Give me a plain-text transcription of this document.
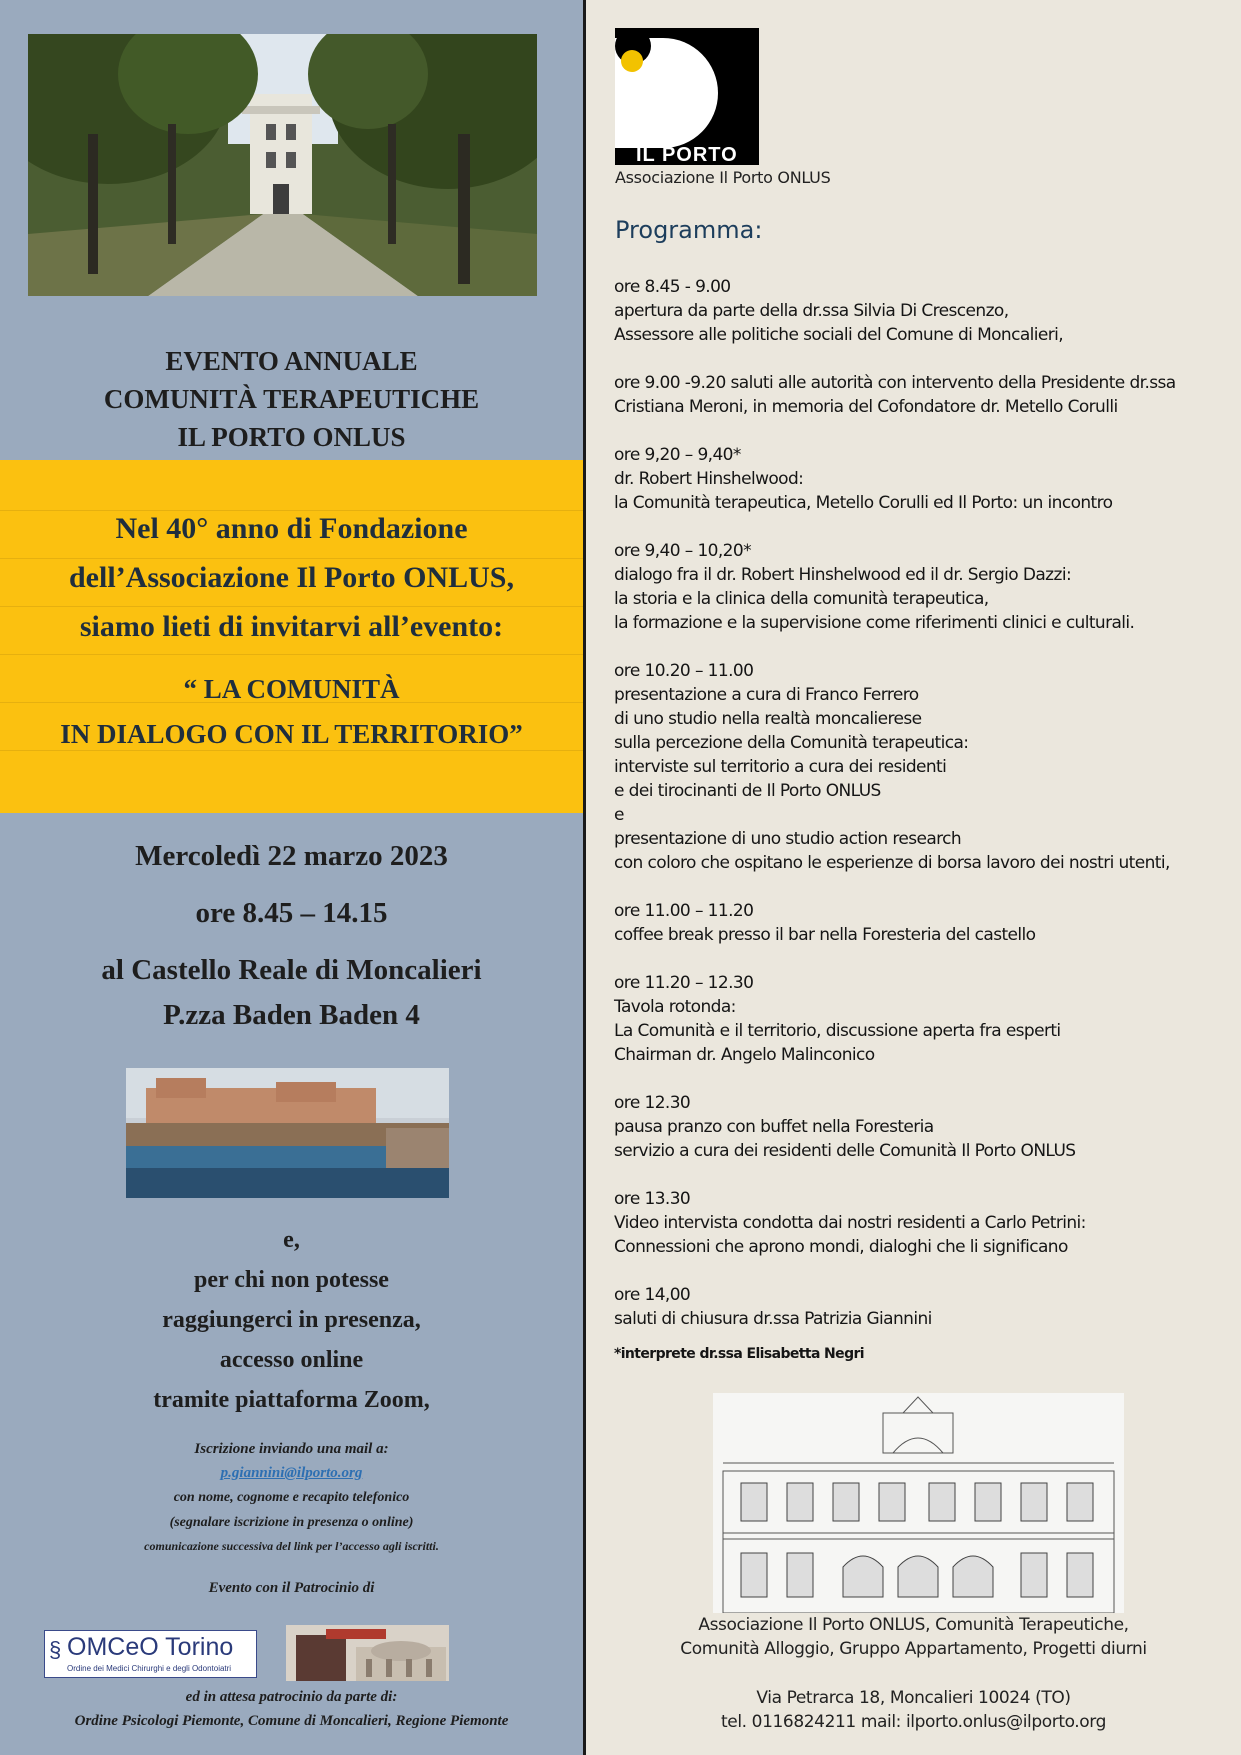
EVENTO ANNUALE
COMUNITÀ TERAPEUTICHE
IL PORTO ONLUS
Nel 40° anno di Fondazione
dell’Associazione Il Porto ONLUS,
siamo lieti di invitarvi all’evento:
“ LA COMUNITÀ
IN DIALOGO CON IL TERRITORIO”
Mercoledì 22 marzo 2023
ore 8.45 – 14.15
al Castello Reale di Moncalieri
P.zza Baden Baden 4
e,
per chi non potesse
raggiungerci in presenza,
accesso online
tramite piattaforma Zoom,
Iscrizione inviando una mail a:
p.giannini@ilporto.org
con nome, cognome e recapito telefonico
(segnalare iscrizione in presenza o online)
comunicazione successiva del link per l’accesso agli iscritti.
Evento con il Patrocinio di
§ OMCeO Torino
Ordine dei Medici Chirurghi e degli Odontoiatri
ed in attesa patrocinio da parte di:
Ordine Psicologi Piemonte, Comune di Moncalieri, Regione Piemonte
IL PORTO
Associazione Il Porto ONLUS
Programma:
ore 8.45 - 9.00
apertura da parte della dr.ssa Silvia Di Crescenzo,
Assessore alle politiche sociali del Comune di Moncalieri,
ore 9.00 -9.20 saluti alle autorità con intervento della Presidente dr.ssa
Cristiana Meroni, in memoria del Cofondatore dr. Metello Corulli
ore 9,20 – 9,40*
dr. Robert Hinshelwood:
la Comunità terapeutica, Metello Corulli ed Il Porto: un incontro
ore 9,40 – 10,20*
dialogo fra il dr. Robert Hinshelwood ed il dr. Sergio Dazzi:
la storia e la clinica della comunità terapeutica,
la formazione e la supervisione come riferimenti clinici e culturali.
ore 10.20 – 11.00
presentazione a cura di Franco Ferrero
di uno studio nella realtà moncalierese
sulla percezione della Comunità terapeutica:
interviste sul territorio a cura dei residenti
e dei tirocinanti de Il Porto ONLUS
e
presentazione di uno studio action research
con coloro che ospitano le esperienze di borsa lavoro dei nostri utenti,
ore 11.00 – 11.20
coffee break presso il bar nella Foresteria del castello
ore 11.20 – 12.30
Tavola rotonda:
La Comunità e il territorio, discussione aperta fra esperti
Chairman dr. Angelo Malinconico
ore 12.30
pausa pranzo con buffet nella Foresteria
servizio a cura dei residenti delle Comunità Il Porto ONLUS
ore 13.30
Video intervista condotta dai nostri residenti a Carlo Petrini:
Connessioni che aprono mondi, dialoghi che li significano
ore 14,00
saluti di chiusura dr.ssa Patrizia Giannini
*interprete dr.ssa Elisabetta Negri
Associazione Il Porto ONLUS, Comunità Terapeutiche,
Comunità Alloggio, Gruppo Appartamento, Progetti diurni
Via Petrarca 18, Moncalieri 10024 (TO)
tel. 0116824211 mail: ilporto.onlus@ilporto.org
